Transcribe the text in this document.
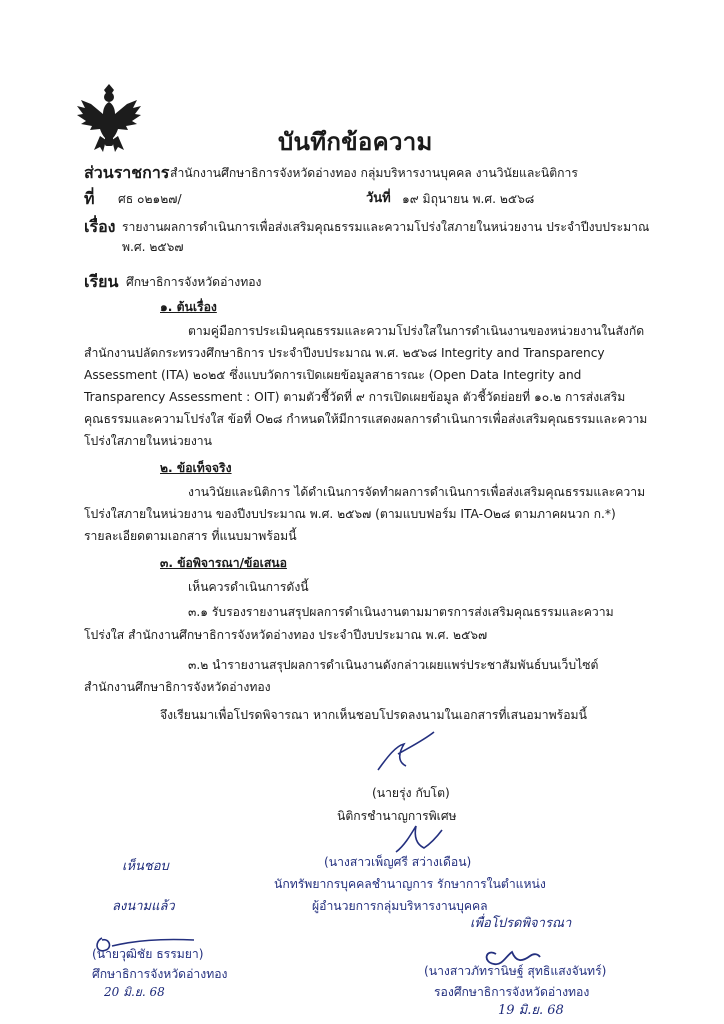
บันทึกข้อความ
ส่วนราชการ สำนักงานศึกษาธิการจังหวัดอ่างทอง กลุ่มบริหารงานบุคคล งานวินัยและนิติการ
ที่ ศธ ๐๒๑๒๗/	วันที่ ๑๙ มิถุนายน พ.ศ. ๒๕๖๘
เรื่อง รายงานผลการดำเนินการเพื่อส่งเสริมคุณธรรมและความโปร่งใสภายในหน่วยงาน ประจำปีงบประมาณ
พ.ศ. ๒๕๖๗
เรียน ศึกษาธิการจังหวัดอ่างทอง
๑. ต้นเรื่อง
ตามคู่มือการประเมินคุณธรรมและความโปร่งใสในการดำเนินงานของหน่วยงานในสังกัด
สำนักงานปลัดกระทรวงศึกษาธิการ ประจำปีงบประมาณ พ.ศ. ๒๕๖๘ Integrity and Transparency
Assessment (ITA) ๒๐๒๕ ซึ่งแบบวัดการเปิดเผยข้อมูลสาธารณะ (Open Data Integrity and
Transparency Assessment : OIT) ตามตัวชี้วัดที่ ๙ การเปิดเผยข้อมูล ตัวชี้วัดย่อยที่ ๑๐.๒ การส่งเสริม
คุณธรรมและความโปร่งใส ข้อที่ O๒๘ กำหนดให้มีการแสดงผลการดำเนินการเพื่อส่งเสริมคุณธรรมและความ
โปร่งใสภายในหน่วยงาน
๒. ข้อเท็จจริง
งานวินัยและนิติการ ได้ดำเนินการจัดทำผลการดำเนินการเพื่อส่งเสริมคุณธรรมและความ
โปร่งใสภายในหน่วยงาน ของปีงบประมาณ พ.ศ. ๒๕๖๗ (ตามแบบฟอร์ม ITA-O๒๘ ตามภาคผนวก ก.*)
รายละเอียดตามเอกสาร ที่แนบมาพร้อมนี้
๓. ข้อพิจารณา/ข้อเสนอ
เห็นควรดำเนินการดังนี้
๓.๑ รับรองรายงานสรุปผลการดำเนินงานตามมาตรการส่งเสริมคุณธรรมและความ
โปร่งใส สำนักงานศึกษาธิการจังหวัดอ่างทอง ประจำปีงบประมาณ พ.ศ. ๒๕๖๗
๓.๒ นำรายงานสรุปผลการดำเนินงานดังกล่าวเผยแพร่ประชาสัมพันธ์บนเว็บไซต์
สำนักงานศึกษาธิการจังหวัดอ่างทอง
จึงเรียนมาเพื่อโปรดพิจารณา หากเห็นชอบโปรดลงนามในเอกสารที่เสนอมาพร้อมนี้
(นายรุ่ง กับโต)
นิติกรชำนาญการพิเศษ
(นางสาวเพ็ญศรี สว่างเดือน)
นักทรัพยากรบุคคลชำนาญการ รักษาการในตำแหน่ง
ผู้อำนวยการกลุ่มบริหารงานบุคคล
เพื่อโปรดพิจารณา
(นางสาวภัทรานิษฐ์ สุทธิแสงจันทร์)
รองศึกษาธิการจังหวัดอ่างทอง
19 มิ.ย. 68
เห็นชอบ
ลงนามแล้ว
(นายวุฒิชัย ธรรมยา)
ศึกษาธิการจังหวัดอ่างทอง
20 มิ.ย. 68
